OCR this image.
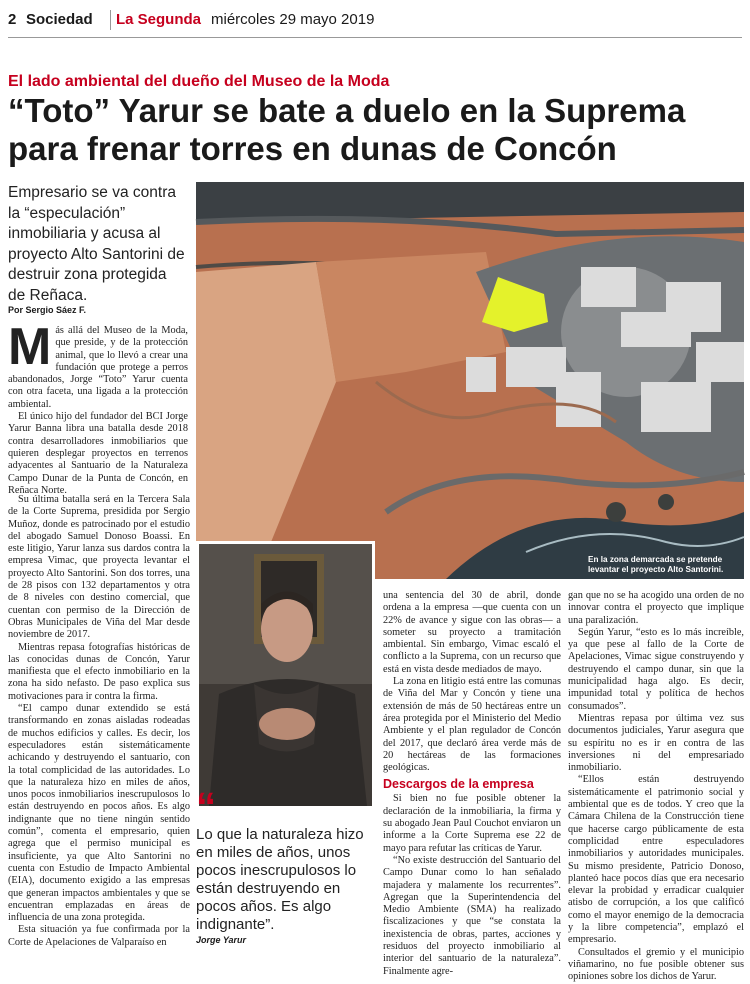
2 Sociedad La Segunda miércoles 29 mayo 2019
El lado ambiental del dueño del Museo de la Moda
“Toto” Yarur se bate a duelo en la Suprema
para frenar torres en dunas de Concón
Empresario se va contra la “especulación” inmobiliaria y acusa al proyecto Alto Santorini de destruir zona protegida de Reñaca.
Por Sergio Sáez F.

Más allá del Museo de la Moda, que preside, y de la protección animal, que lo llevó a crear una fundación que protege a perros abandonados, Jorge “Toto” Yarur cuenta con otra faceta, una ligada a la protección ambiental.

El único hijo del fundador del BCI Jorge Yarur Banna libra una batalla desde 2018 contra desarrolladores inmobiliarios que quieren desplegar proyectos en terrenos adyacentes al Santuario de la Naturaleza Campo Dunar de la Punta de Concón, en Reñaca Norte.

Su última batalla será en la Tercera Sala de la Corte Suprema, presidida por Sergio Muñoz, donde es patrocinado por el estudio del abogado Samuel Donoso Boassi. En este litigio, Yarur lanza sus dardos contra la empresa Vimac, que proyecta levantar el proyecto Alto Santorini. Son dos torres, una de 28 pisos con 132 departamentos y otra de 8 niveles con destino comercial, que cuentan con permiso de la Dirección de Obras Municipales de Viña del Mar desde noviembre de 2017.

Mientras repasa fotografías históricas de las conocidas dunas de Concón, Yarur manifiesta que el efecto inmobiliario en la zona ha sido nefasto. De paso explica sus motivaciones para ir contra la firma.

“El campo dunar extendido se está transformando en zonas aisladas rodeadas de muchos edificios y calles. Es decir, los especuladores están sistemáticamente achicando y destruyendo el santuario, con la total complicidad de las autoridades. Lo que la naturaleza hizo en miles de años, unos pocos inmobiliarios inescrupulosos lo están destruyendo en pocos años. Es algo indignante que no tiene ningún sentido común”, comenta el empresario, quien agrega que el permiso municipal es insuficiente, ya que Alto Santorini no cuenta con Estudio de Impacto Ambiental (EIA), documento exigido a las empresas que generan impactos ambientales y que se encuentran emplazadas en áreas de influencia de una zona protegida.

Esta situación ya fue confirmada por la Corte de Apelaciones de Valparaíso en

En la zona demarcada se pretende levantar el proyecto Alto Santorini.
“
Lo que la naturaleza hizo en miles de años, unos pocos inescrupulosos lo están destruyendo en pocos años. Es algo indignante”.
Jorge Yarur

una sentencia del 30 de abril, donde ordena a la empresa —que cuenta con un 22% de avance y sigue con las obras— a someter su proyecto a tramitación ambiental. Sin embargo, Vimac escaló el conflicto a la Suprema, con un recurso que está en vista desde mediados de mayo.

La zona en litigio está entre las comunas de Viña del Mar y Concón y tiene una extensión de más de 50 hectáreas entre un área protegida por el Ministerio del Medio Ambiente y el plan regulador de Concón del 2017, que declaró área verde más de 20 hectáreas de las formaciones geológicas.

Descargos de la empresa

Si bien no fue posible obtener la declaración de la inmobiliaria, la firma y su abogado Jean Paul Couchot enviaron un informe a la Corte Suprema ese 22 de mayo para refutar las críticas de Yarur.

“No existe destrucción del Santuario del Campo Dunar como lo han señalado majadera y malamente los recurrentes”. Agregan que la Superintendencia del Medio Ambiente (SMA) ha realizado fiscalizaciones y que “se constata la inexistencia de obras, partes, acciones y residuos del proyecto inmobiliario al interior del santuario de la naturaleza”. Finalmente agre-

gan que no se ha acogido una orden de no innovar contra el proyecto que implique una paralización.

Según Yarur, “esto es lo más increíble, ya que pese al fallo de la Corte de Apelaciones, Vimac sigue construyendo y destruyendo el campo dunar, sin que la municipalidad haga algo. Es decir, impunidad total y política de hechos consumados”.

Mientras repasa por última vez sus documentos judiciales, Yarur asegura que su espíritu no es ir en contra de las inversiones ni del empresariado inmobiliario.

“Ellos están destruyendo sistemáticamente el patrimonio social y ambiental que es de todos. Y creo que la Cámara Chilena de la Construcción tiene que hacerse cargo públicamente de esta complicidad entre especuladores inmobiliarios y autoridades municipales. Su mismo presidente, Patricio Donoso, planteó hace pocos días que era necesario elevar la probidad y erradicar cualquier atisbo de corrupción, a los que calificó como el mayor enemigo de la democracia y la libre competencia”, emplazó el empresario.

Consultados el gremio y el municipio viñamarino, no fue posible obtener sus opiniones sobre los dichos de Yarur.
